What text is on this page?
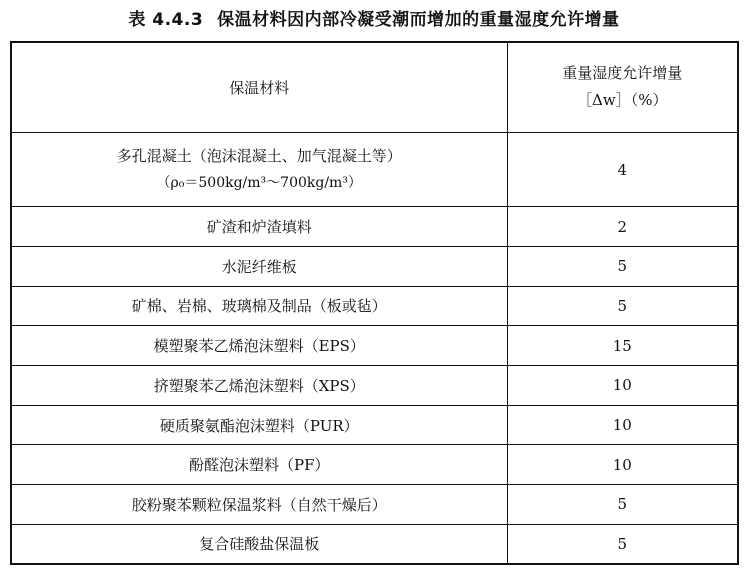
表 4.4.3 保温材料因内部冷凝受潮而增加的重量湿度允许增量
保温材料	重量湿度允许增量
［Δw］（%）

多孔混凝土（泡沫混凝土、加气混凝土等）
（ρ₀＝500kg/m³～700kg/m³）	4
矿渣和炉渣填料	2
水泥纤维板	5
矿棉、岩棉、玻璃棉及制品（板或毡）	5
模塑聚苯乙烯泡沫塑料（EPS）	15
挤塑聚苯乙烯泡沫塑料（XPS）	10
硬质聚氨酯泡沫塑料（PUR）	10
酚醛泡沫塑料（PF）	10
胶粉聚苯颗粒保温浆料（自然干燥后）	5
复合硅酸盐保温板	5
